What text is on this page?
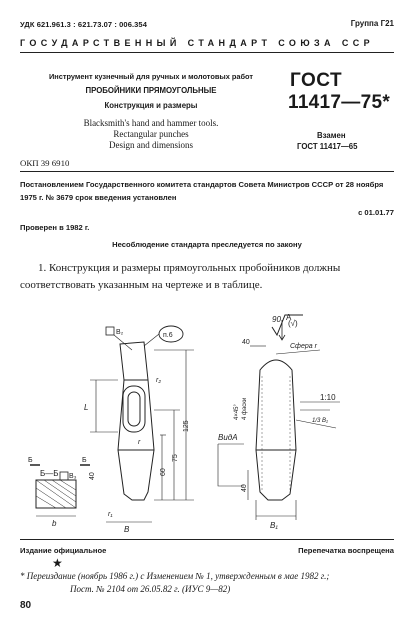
УДК 621.961.3 : 621.73.07 : 006.354	Группа Г21
ГОСУДАРСТВЕННЫЙ СТАНДАРТ СОЮЗА ССР
Инструмент кузнечный для ручных и молотовых работ
ПРОБОЙНИКИ ПРЯМОУГОЛЬНЫЕ
Конструкция и размеры
Blacksmith's hand and hammer tools.
Rectangular punches
Design and dimensions
ГОСТ
11417—75*
Взамен
ГОСТ 11417—65
ОКП 39 6910
Постановлением Государственного комитета стандартов Совета Министров СССР от 28 ноября 1975 г. № 3679 срок введения установлен
с 01.01.77
Проверен в 1982 г.
Несоблюдение стандарта преследуется по закону
1. Конструкция и размеры прямоугольных пробойников должны соответствовать указанным на чертеже и в таблице.
90 (√)
B₂	п.6
r₂
L
r
125
75
60
40
B₃
Б—Б
Б	Б
B
b
r₁
A
40
Сфера r
4×45° 4 фаски
ВидА
1:10
1/3 B₁
40
B₁
Издание официальное	Перепечатка воспрещена
★
* Переиздание (ноябрь 1986 г.) с Изменением № 1, утвержденным в мае 1982 г.;
Пост. № 2104 от 26.05.82 г. (ИУС 9—82)
80
